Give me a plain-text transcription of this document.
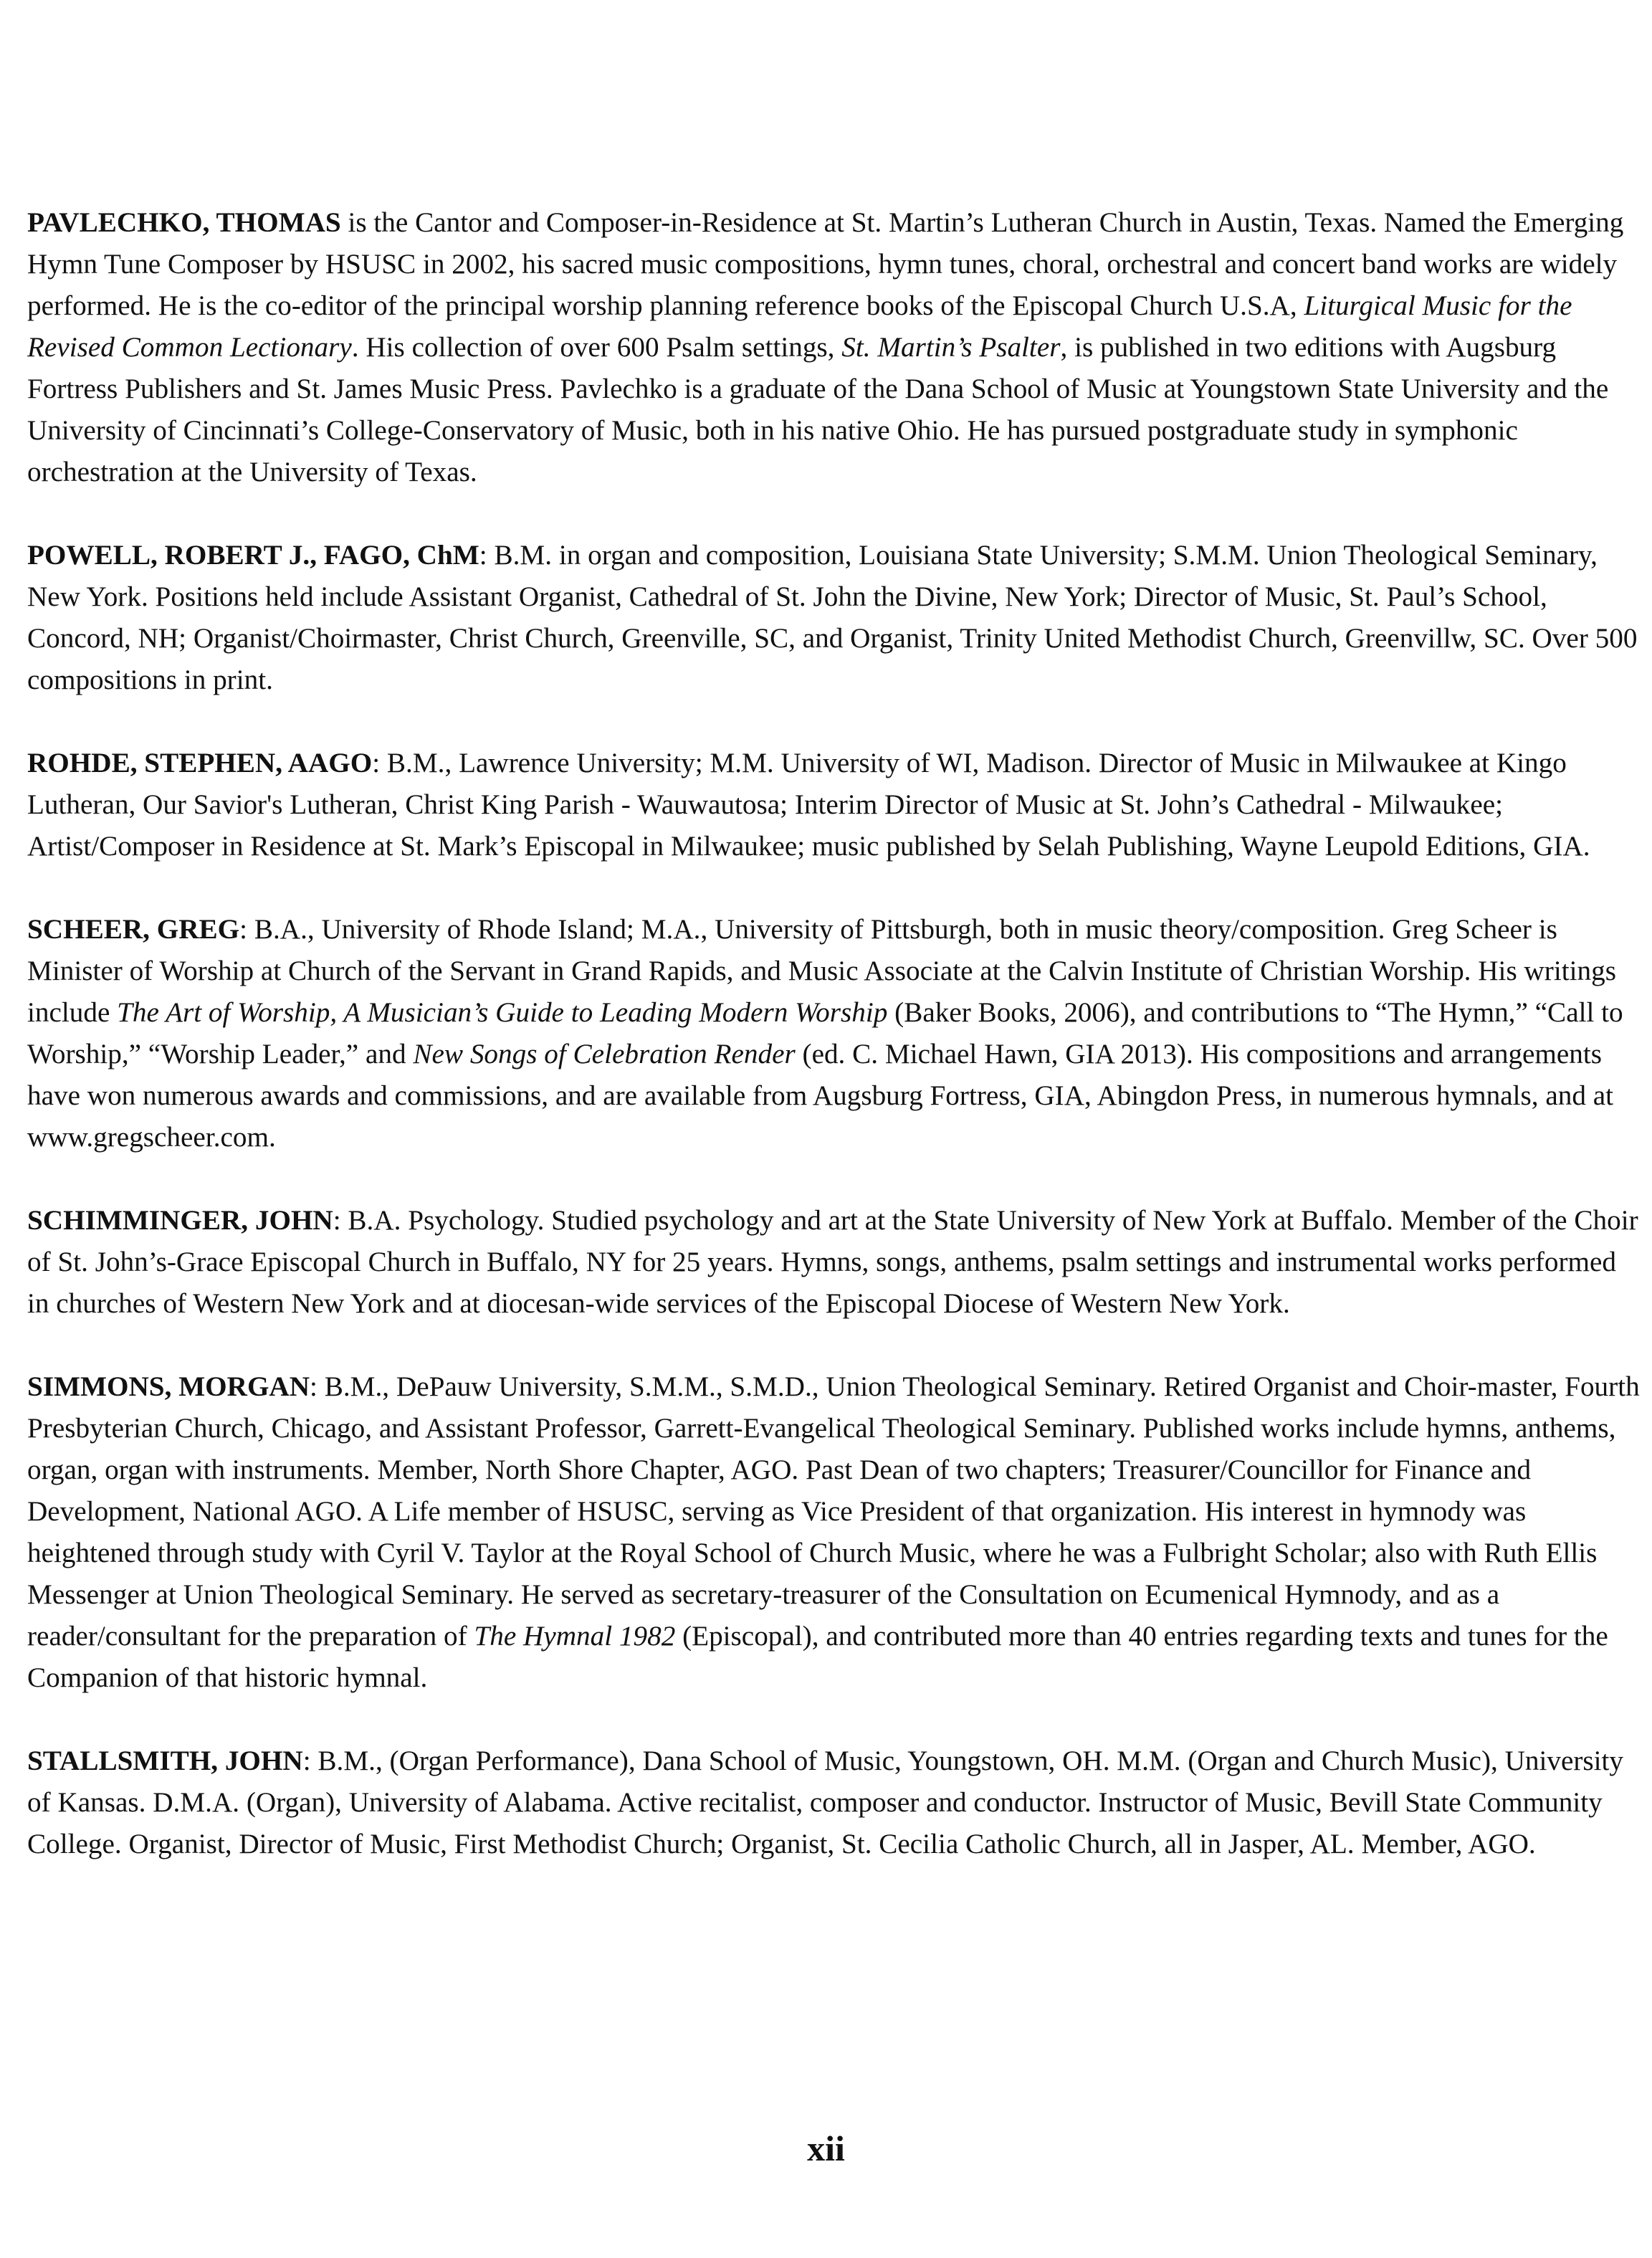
PAVLECHKO, THOMAS is the Cantor and Composer-in-Residence at St. Martin’s Lutheran Church in Austin, Texas. Named the Emerging Hymn Tune Composer by HSUSC in 2002, his sacred music compositions, hymn tunes, choral, orchestral and concert band works are widely performed. He is the co-editor of the principal worship planning reference books of the Episcopal Church U.S.A, Liturgical Music for the Revised Common Lectionary. His collection of over 600 Psalm settings, St. Martin’s Psalter, is published in two editions with Augsburg Fortress Publishers and St. James Music Press. Pavlechko is a graduate of the Dana School of Music at Youngstown State University and the University of Cincinnati’s College-Conservatory of Music, both in his native Ohio. He has pursued postgraduate study in symphonic orchestration at the University of Texas.

POWELL, ROBERT J., FAGO, ChM: B.M. in organ and composition, Louisiana State University; S.M.M. Union Theological Seminary, New York. Positions held include Assistant Organist, Cathedral of St. John the Divine, New York; Director of Music, St. Paul’s School, Concord, NH; Organist/Choirmaster, Christ Church, Greenville, SC, and Organist, Trinity United Methodist Church, Greenvillw, SC. Over 500 compositions in print.

ROHDE, STEPHEN, AAGO: B.M., Lawrence University; M.M. University of WI, Madison. Director of Music in Milwaukee at Kingo Lutheran, Our Savior's Lutheran, Christ King Parish - Wauwautosa; Interim Director of Music at St. John’s Cathedral - Milwaukee; Artist/Composer in Residence at St. Mark’s Episcopal in Milwaukee; music published by Selah Publishing, Wayne Leupold Editions, GIA.

SCHEER, GREG: B.A., University of Rhode Island; M.A., University of Pittsburgh, both in music theory/composition. Greg Scheer is Minister of Worship at Church of the Servant in Grand Rapids, and Music Associate at the Calvin Institute of Christian Worship. His writings include The Art of Worship, A Musician’s Guide to Leading Modern Worship (Baker Books, 2006), and contributions to “The Hymn,” “Call to Worship,” “Worship Leader,” and New Songs of Celebration Render (ed. C. Michael Hawn, GIA 2013). His compositions and arrangements have won numerous awards and commissions, and are available from Augsburg Fortress, GIA, Abingdon Press, in numerous hymnals, and at www.gregscheer.com.

SCHIMMINGER, JOHN: B.A. Psychology. Studied psychology and art at the State University of New York at Buffalo. Member of the Choir of St. John’s-Grace Episcopal Church in Buffalo, NY for 25 years. Hymns, songs, anthems, psalm settings and instrumental works performed in churches of Western New York and at diocesan-wide services of the Episcopal Diocese of Western New York.

SIMMONS, MORGAN: B.M., DePauw University, S.M.M., S.M.D., Union Theological Seminary. Retired Organist and Choir-master, Fourth Presbyterian Church, Chicago, and Assistant Professor, Garrett-Evangelical Theological Seminary. Published works include hymns, anthems, organ, organ with instruments. Member, North Shore Chapter, AGO. Past Dean of two chapters; Treasurer/Councillor for Finance and Development, National AGO. A Life member of HSUSC, serving as Vice President of that organization. His interest in hymnody was heightened through study with Cyril V. Taylor at the Royal School of Church Music, where he was a Fulbright Scholar; also with Ruth Ellis Messenger at Union Theological Seminary. He served as secretary-treasurer of the Consultation on Ecumenical Hymnody, and as a reader/consultant for the preparation of The Hymnal 1982 (Episcopal), and contributed more than 40 entries regarding texts and tunes for the Companion of that historic hymnal.

STALLSMITH, JOHN: B.M., (Organ Performance), Dana School of Music, Youngstown, OH. M.M. (Organ and Church Music), University of Kansas. D.M.A. (Organ), University of Alabama. Active recitalist, composer and conductor. Instructor of Music, Bevill State Community College. Organist, Director of Music, First Methodist Church; Organist, St. Cecilia Catholic Church, all in Jasper, AL. Member, AGO.

xii
